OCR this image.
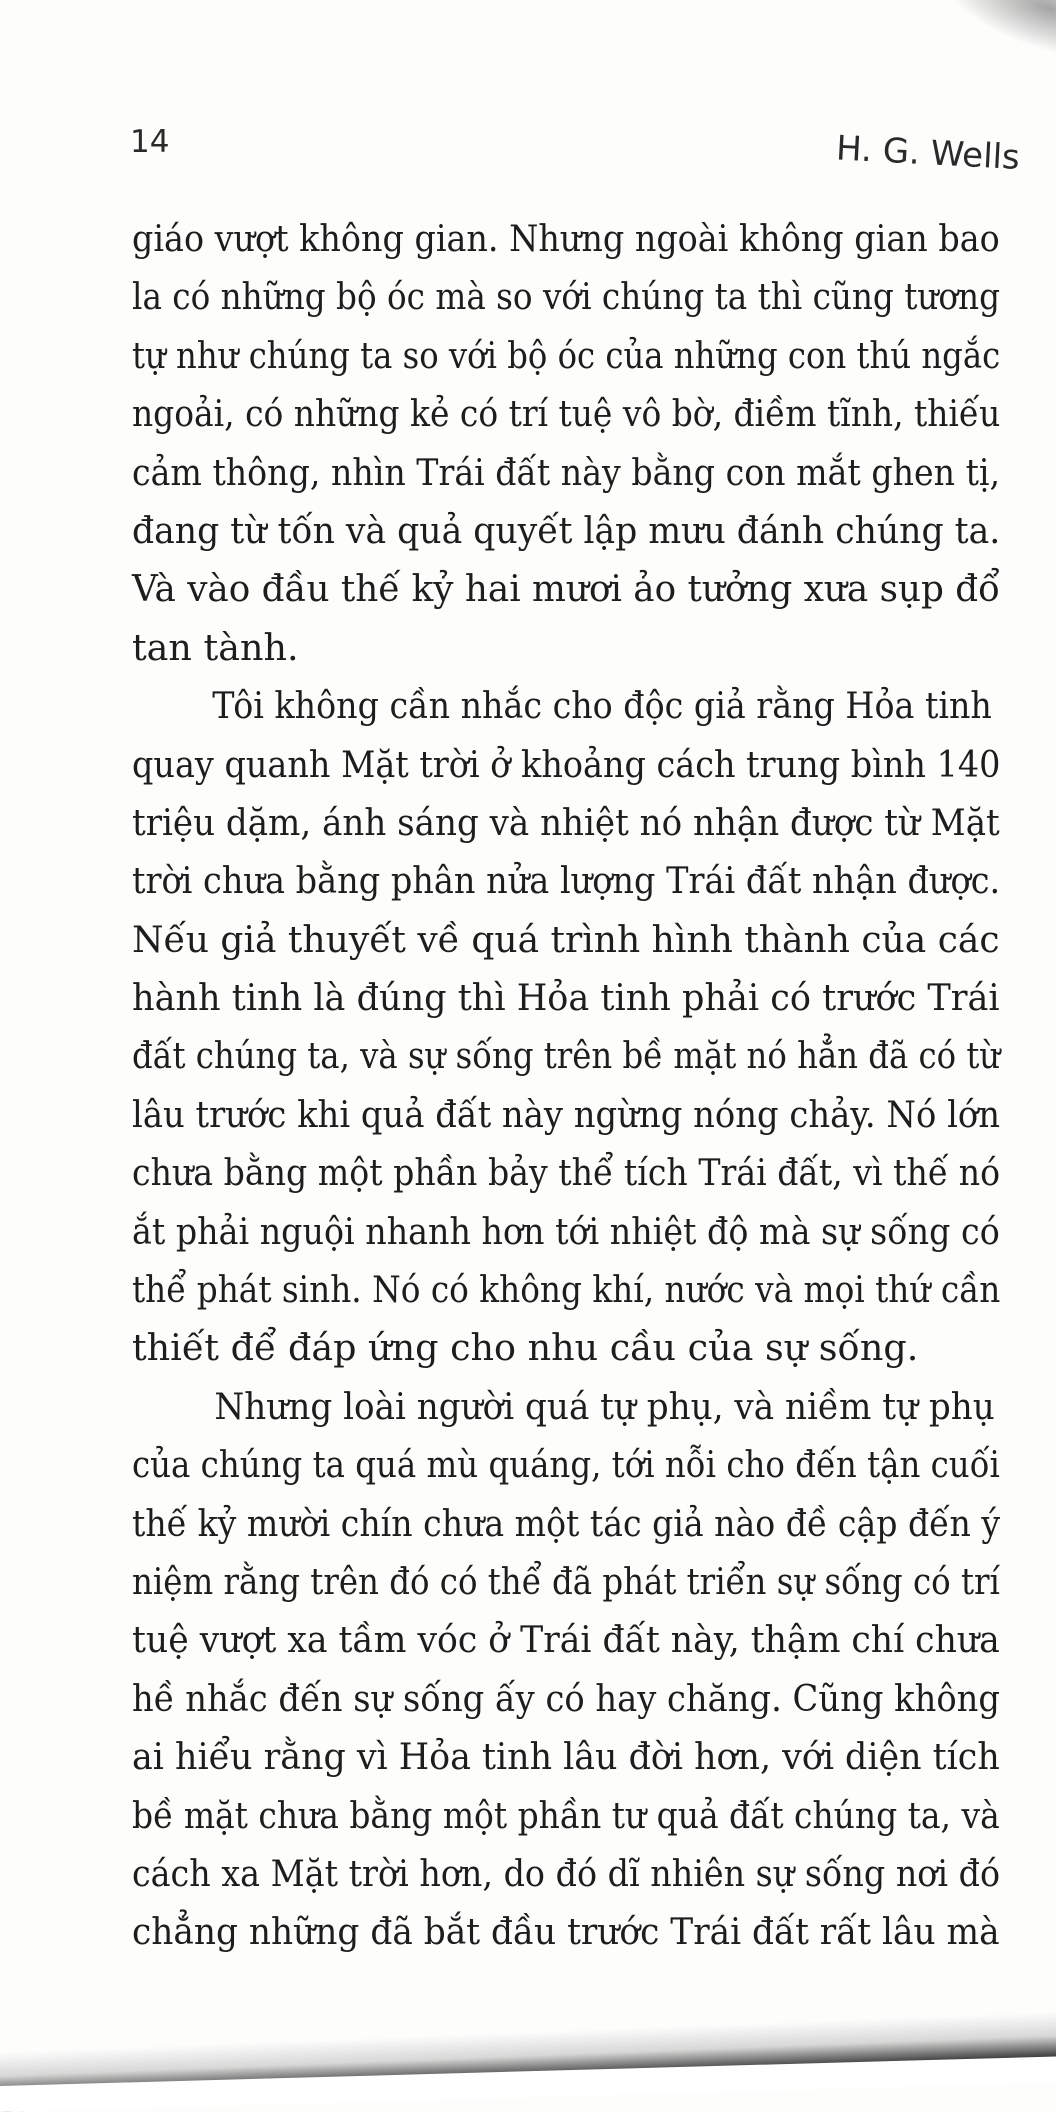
14	H. G. Wells
giáo vượt không gian. Nhưng ngoài không gian bao
la có những bộ óc mà so với chúng ta thì cũng tương
tự như chúng ta so với bộ óc của những con thú ngắc
ngoải, có những kẻ có trí tuệ vô bờ, điềm tĩnh, thiếu
cảm thông, nhìn Trái đất này bằng con mắt ghen tị,
đang từ tốn và quả quyết lập mưu đánh chúng ta.
Và vào đầu thế kỷ hai mươi ảo tưởng xưa sụp đổ
tan tành.
Tôi không cần nhắc cho độc giả rằng Hỏa tinh
quay quanh Mặt trời ở khoảng cách trung bình 140
triệu dặm, ánh sáng và nhiệt nó nhận được từ Mặt
trời chưa bằng phân nửa lượng Trái đất nhận được.
Nếu giả thuyết về quá trình hình thành của các
hành tinh là đúng thì Hỏa tinh phải có trước Trái
đất chúng ta, và sự sống trên bề mặt nó hẳn đã có từ
lâu trước khi quả đất này ngừng nóng chảy. Nó lớn
chưa bằng một phần bảy thể tích Trái đất, vì thế nó
ắt phải nguội nhanh hơn tới nhiệt độ mà sự sống có
thể phát sinh. Nó có không khí, nước và mọi thứ cần
thiết để đáp ứng cho nhu cầu của sự sống.
Nhưng loài người quá tự phụ, và niềm tự phụ
của chúng ta quá mù quáng, tới nỗi cho đến tận cuối
thế kỷ mười chín chưa một tác giả nào đề cập đến ý
niệm rằng trên đó có thể đã phát triển sự sống có trí
tuệ vượt xa tầm vóc ở Trái đất này, thậm chí chưa
hề nhắc đến sự sống ấy có hay chăng. Cũng không
ai hiểu rằng vì Hỏa tinh lâu đời hơn, với diện tích
bề mặt chưa bằng một phần tư quả đất chúng ta, và
cách xa Mặt trời hơn, do đó dĩ nhiên sự sống nơi đó
chẳng những đã bắt đầu trước Trái đất rất lâu mà
